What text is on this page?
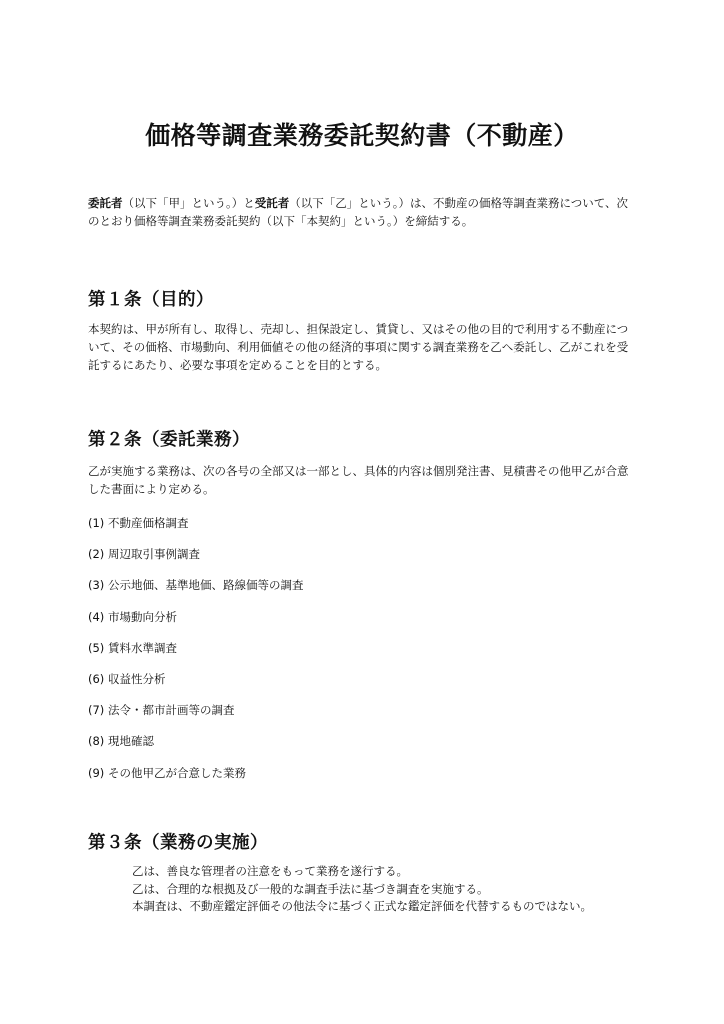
価格等調査業務委託契約書（不動産）

委託者（以下「甲」という。）と受託者（以下「乙」という。）は、不動産の価格等調査業務について、次のとおり価格等調査業務委託契約（以下「本契約」という。）を締結する。

第１条（目的）

本契約は、甲が所有し、取得し、売却し、担保設定し、賃貸し、又はその他の目的で利用する不動産について、その価格、市場動向、利用価値その他の経済的事項に関する調査業務を乙へ委託し、乙がこれを受託するにあたり、必要な事項を定めることを目的とする。

第２条（委託業務）

乙が実施する業務は、次の各号の全部又は一部とし、具体的内容は個別発注書、見積書その他甲乙が合意した書面により定める。

(1) 不動産価格調査
(2) 周辺取引事例調査
(3) 公示地価、基準地価、路線価等の調査
(4) 市場動向分析
(5) 賃料水準調査
(6) 収益性分析
(7) 法令・都市計画等の調査
(8) 現地確認
(9) その他甲乙が合意した業務
第３条（業務の実施）
乙は、善良な管理者の注意をもって業務を遂行する。
乙は、合理的な根拠及び一般的な調査手法に基づき調査を実施する。
本調査は、不動産鑑定評価その他法令に基づく正式な鑑定評価を代替するものではない。
